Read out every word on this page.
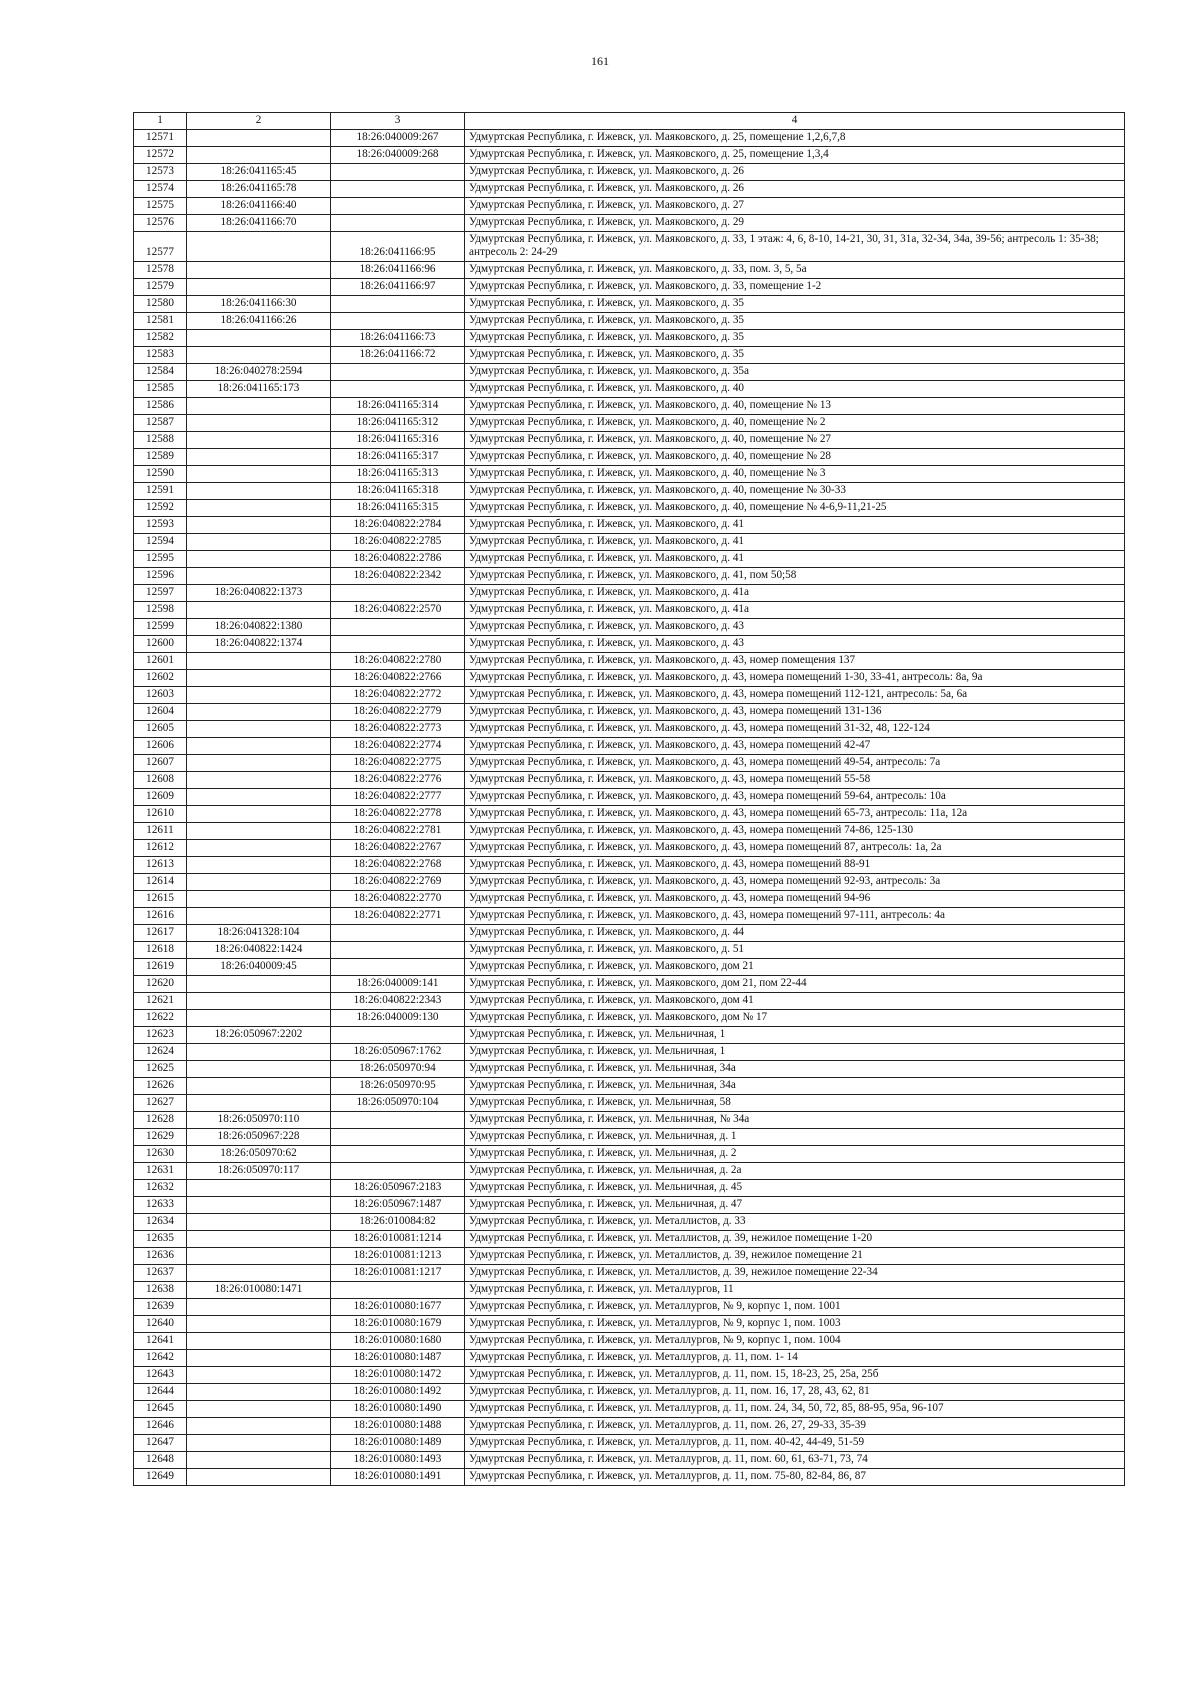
161
1	2	3	4
12571		18:26:040009:267	Удмуртская Республика, г. Ижевск, ул. Маяковского, д. 25, помещение 1,2,6,7,8
12572		18:26:040009:268	Удмуртская Республика, г. Ижевск, ул. Маяковского, д. 25, помещение 1,3,4
12573	18:26:041165:45		Удмуртская Республика, г. Ижевск, ул. Маяковского, д. 26
12574	18:26:041165:78		Удмуртская Республика, г. Ижевск, ул. Маяковского, д. 26
12575	18:26:041166:40		Удмуртская Республика, г. Ижевск, ул. Маяковского, д. 27
12576	18:26:041166:70		Удмуртская Республика, г. Ижевск, ул. Маяковского, д. 29
12577		18:26:041166:95	Удмуртская Республика, г. Ижевск, ул. Маяковского, д. 33, 1 этаж: 4, 6, 8-10, 14-21, 30, 31, 31а, 32-34, 34а, 39-56; антресоль 1: 35-38; антресоль 2: 24-29
12578		18:26:041166:96	Удмуртская Республика, г. Ижевск, ул. Маяковского, д. 33, пом. 3, 5, 5а
12579		18:26:041166:97	Удмуртская Республика, г. Ижевск, ул. Маяковского, д. 33, помещение 1-2
12580	18:26:041166:30		Удмуртская Республика, г. Ижевск, ул. Маяковского, д. 35
12581	18:26:041166:26		Удмуртская Республика, г. Ижевск, ул. Маяковского, д. 35
12582		18:26:041166:73	Удмуртская Республика, г. Ижевск, ул. Маяковского, д. 35
12583		18:26:041166:72	Удмуртская Республика, г. Ижевск, ул. Маяковского, д. 35
12584	18:26:040278:2594		Удмуртская Республика, г. Ижевск, ул. Маяковского, д. 35а
12585	18:26:041165:173		Удмуртская Республика, г. Ижевск, ул. Маяковского, д. 40
12586		18:26:041165:314	Удмуртская Республика, г. Ижевск, ул. Маяковского, д. 40, помещение № 13
12587		18:26:041165:312	Удмуртская Республика, г. Ижевск, ул. Маяковского, д. 40, помещение № 2
12588		18:26:041165:316	Удмуртская Республика, г. Ижевск, ул. Маяковского, д. 40, помещение № 27
12589		18:26:041165:317	Удмуртская Республика, г. Ижевск, ул. Маяковского, д. 40, помещение № 28
12590		18:26:041165:313	Удмуртская Республика, г. Ижевск, ул. Маяковского, д. 40, помещение № 3
12591		18:26:041165:318	Удмуртская Республика, г. Ижевск, ул. Маяковского, д. 40, помещение № 30-33
12592		18:26:041165:315	Удмуртская Республика, г. Ижевск, ул. Маяковского, д. 40, помещение № 4-6,9-11,21-25
12593		18:26:040822:2784	Удмуртская Республика, г. Ижевск, ул. Маяковского, д. 41
12594		18:26:040822:2785	Удмуртская Республика, г. Ижевск, ул. Маяковского, д. 41
12595		18:26:040822:2786	Удмуртская Республика, г. Ижевск, ул. Маяковского, д. 41
12596		18:26:040822:2342	Удмуртская Республика, г. Ижевск, ул. Маяковского, д. 41, пом 50;58
12597	18:26:040822:1373		Удмуртская Республика, г. Ижевск, ул. Маяковского, д. 41а
12598		18:26:040822:2570	Удмуртская Республика, г. Ижевск, ул. Маяковского, д. 41а
12599	18:26:040822:1380		Удмуртская Республика, г. Ижевск, ул. Маяковского, д. 43
12600	18:26:040822:1374		Удмуртская Республика, г. Ижевск, ул. Маяковского, д. 43
12601		18:26:040822:2780	Удмуртская Республика, г. Ижевск, ул. Маяковского, д. 43, номер помещения 137
12602		18:26:040822:2766	Удмуртская Республика, г. Ижевск, ул. Маяковского, д. 43, номера помещений 1-30, 33-41, антресоль: 8а, 9а
12603		18:26:040822:2772	Удмуртская Республика, г. Ижевск, ул. Маяковского, д. 43, номера помещений 112-121, антресоль: 5а, 6а
12604		18:26:040822:2779	Удмуртская Республика, г. Ижевск, ул. Маяковского, д. 43, номера помещений 131-136
12605		18:26:040822:2773	Удмуртская Республика, г. Ижевск, ул. Маяковского, д. 43, номера помещений 31-32, 48, 122-124
12606		18:26:040822:2774	Удмуртская Республика, г. Ижевск, ул. Маяковского, д. 43, номера помещений 42-47
12607		18:26:040822:2775	Удмуртская Республика, г. Ижевск, ул. Маяковского, д. 43, номера помещений 49-54, антресоль: 7а
12608		18:26:040822:2776	Удмуртская Республика, г. Ижевск, ул. Маяковского, д. 43, номера помещений 55-58
12609		18:26:040822:2777	Удмуртская Республика, г. Ижевск, ул. Маяковского, д. 43, номера помещений 59-64, антресоль: 10а
12610		18:26:040822:2778	Удмуртская Республика, г. Ижевск, ул. Маяковского, д. 43, номера помещений 65-73, антресоль: 11а, 12а
12611		18:26:040822:2781	Удмуртская Республика, г. Ижевск, ул. Маяковского, д. 43, номера помещений 74-86, 125-130
12612		18:26:040822:2767	Удмуртская Республика, г. Ижевск, ул. Маяковского, д. 43, номера помещений 87, антресоль: 1а, 2а
12613		18:26:040822:2768	Удмуртская Республика, г. Ижевск, ул. Маяковского, д. 43, номера помещений 88-91
12614		18:26:040822:2769	Удмуртская Республика, г. Ижевск, ул. Маяковского, д. 43, номера помещений 92-93, антресоль: 3а
12615		18:26:040822:2770	Удмуртская Республика, г. Ижевск, ул. Маяковского, д. 43, номера помещений 94-96
12616		18:26:040822:2771	Удмуртская Республика, г. Ижевск, ул. Маяковского, д. 43, номера помещений 97-111, антресоль: 4а
12617	18:26:041328:104		Удмуртская Республика, г. Ижевск, ул. Маяковского, д. 44
12618	18:26:040822:1424		Удмуртская Республика, г. Ижевск, ул. Маяковского, д. 51
12619	18:26:040009:45		Удмуртская Республика, г. Ижевск, ул. Маяковского, дом 21
12620		18:26:040009:141	Удмуртская Республика, г. Ижевск, ул. Маяковского, дом 21, пом 22-44
12621		18:26:040822:2343	Удмуртская Республика, г. Ижевск, ул. Маяковского, дом 41
12622		18:26:040009:130	Удмуртская Республика, г. Ижевск, ул. Маяковского, дом № 17
12623	18:26:050967:2202		Удмуртская Республика, г. Ижевск, ул. Мельничная, 1
12624		18:26:050967:1762	Удмуртская Республика, г. Ижевск, ул. Мельничная, 1
12625		18:26:050970:94	Удмуртская Республика, г. Ижевск, ул. Мельничная, 34а
12626		18:26:050970:95	Удмуртская Республика, г. Ижевск, ул. Мельничная, 34а
12627		18:26:050970:104	Удмуртская Республика, г. Ижевск, ул. Мельничная, 58
12628	18:26:050970:110		Удмуртская Республика, г. Ижевск, ул. Мельничная, № 34а
12629	18:26:050967:228		Удмуртская Республика, г. Ижевск, ул. Мельничная, д. 1
12630	18:26:050970:62		Удмуртская Республика, г. Ижевск, ул. Мельничная, д. 2
12631	18:26:050970:117		Удмуртская Республика, г. Ижевск, ул. Мельничная, д. 2а
12632		18:26:050967:2183	Удмуртская Республика, г. Ижевск, ул. Мельничная, д. 45
12633		18:26:050967:1487	Удмуртская Республика, г. Ижевск, ул. Мельничная, д. 47
12634		18:26:010084:82	Удмуртская Республика, г. Ижевск, ул. Металлистов, д. 33
12635		18:26:010081:1214	Удмуртская Республика, г. Ижевск, ул. Металлистов, д. 39, нежилое помещение 1-20
12636		18:26:010081:1213	Удмуртская Республика, г. Ижевск, ул. Металлистов, д. 39, нежилое помещение 21
12637		18:26:010081:1217	Удмуртская Республика, г. Ижевск, ул. Металлистов, д. 39, нежилое помещение 22-34
12638	18:26:010080:1471		Удмуртская Республика, г. Ижевск, ул. Металлургов, 11
12639		18:26:010080:1677	Удмуртская Республика, г. Ижевск, ул. Металлургов, № 9, корпус 1, пом. 1001
12640		18:26:010080:1679	Удмуртская Республика, г. Ижевск, ул. Металлургов, № 9, корпус 1, пом. 1003
12641		18:26:010080:1680	Удмуртская Республика, г. Ижевск, ул. Металлургов, № 9, корпус 1, пом. 1004
12642		18:26:010080:1487	Удмуртская Республика, г. Ижевск, ул. Металлургов, д. 11, пом. 1- 14
12643		18:26:010080:1472	Удмуртская Республика, г. Ижевск, ул. Металлургов, д. 11, пом. 15, 18-23, 25, 25а, 25б
12644		18:26:010080:1492	Удмуртская Республика, г. Ижевск, ул. Металлургов, д. 11, пом. 16, 17, 28, 43, 62, 81
12645		18:26:010080:1490	Удмуртская Республика, г. Ижевск, ул. Металлургов, д. 11, пом. 24, 34, 50, 72, 85, 88-95, 95а, 96-107
12646		18:26:010080:1488	Удмуртская Республика, г. Ижевск, ул. Металлургов, д. 11, пом. 26, 27, 29-33, 35-39
12647		18:26:010080:1489	Удмуртская Республика, г. Ижевск, ул. Металлургов, д. 11, пом. 40-42, 44-49, 51-59
12648		18:26:010080:1493	Удмуртская Республика, г. Ижевск, ул. Металлургов, д. 11, пом. 60, 61, 63-71, 73, 74
12649		18:26:010080:1491	Удмуртская Республика, г. Ижевск, ул. Металлургов, д. 11, пом. 75-80, 82-84, 86, 87
